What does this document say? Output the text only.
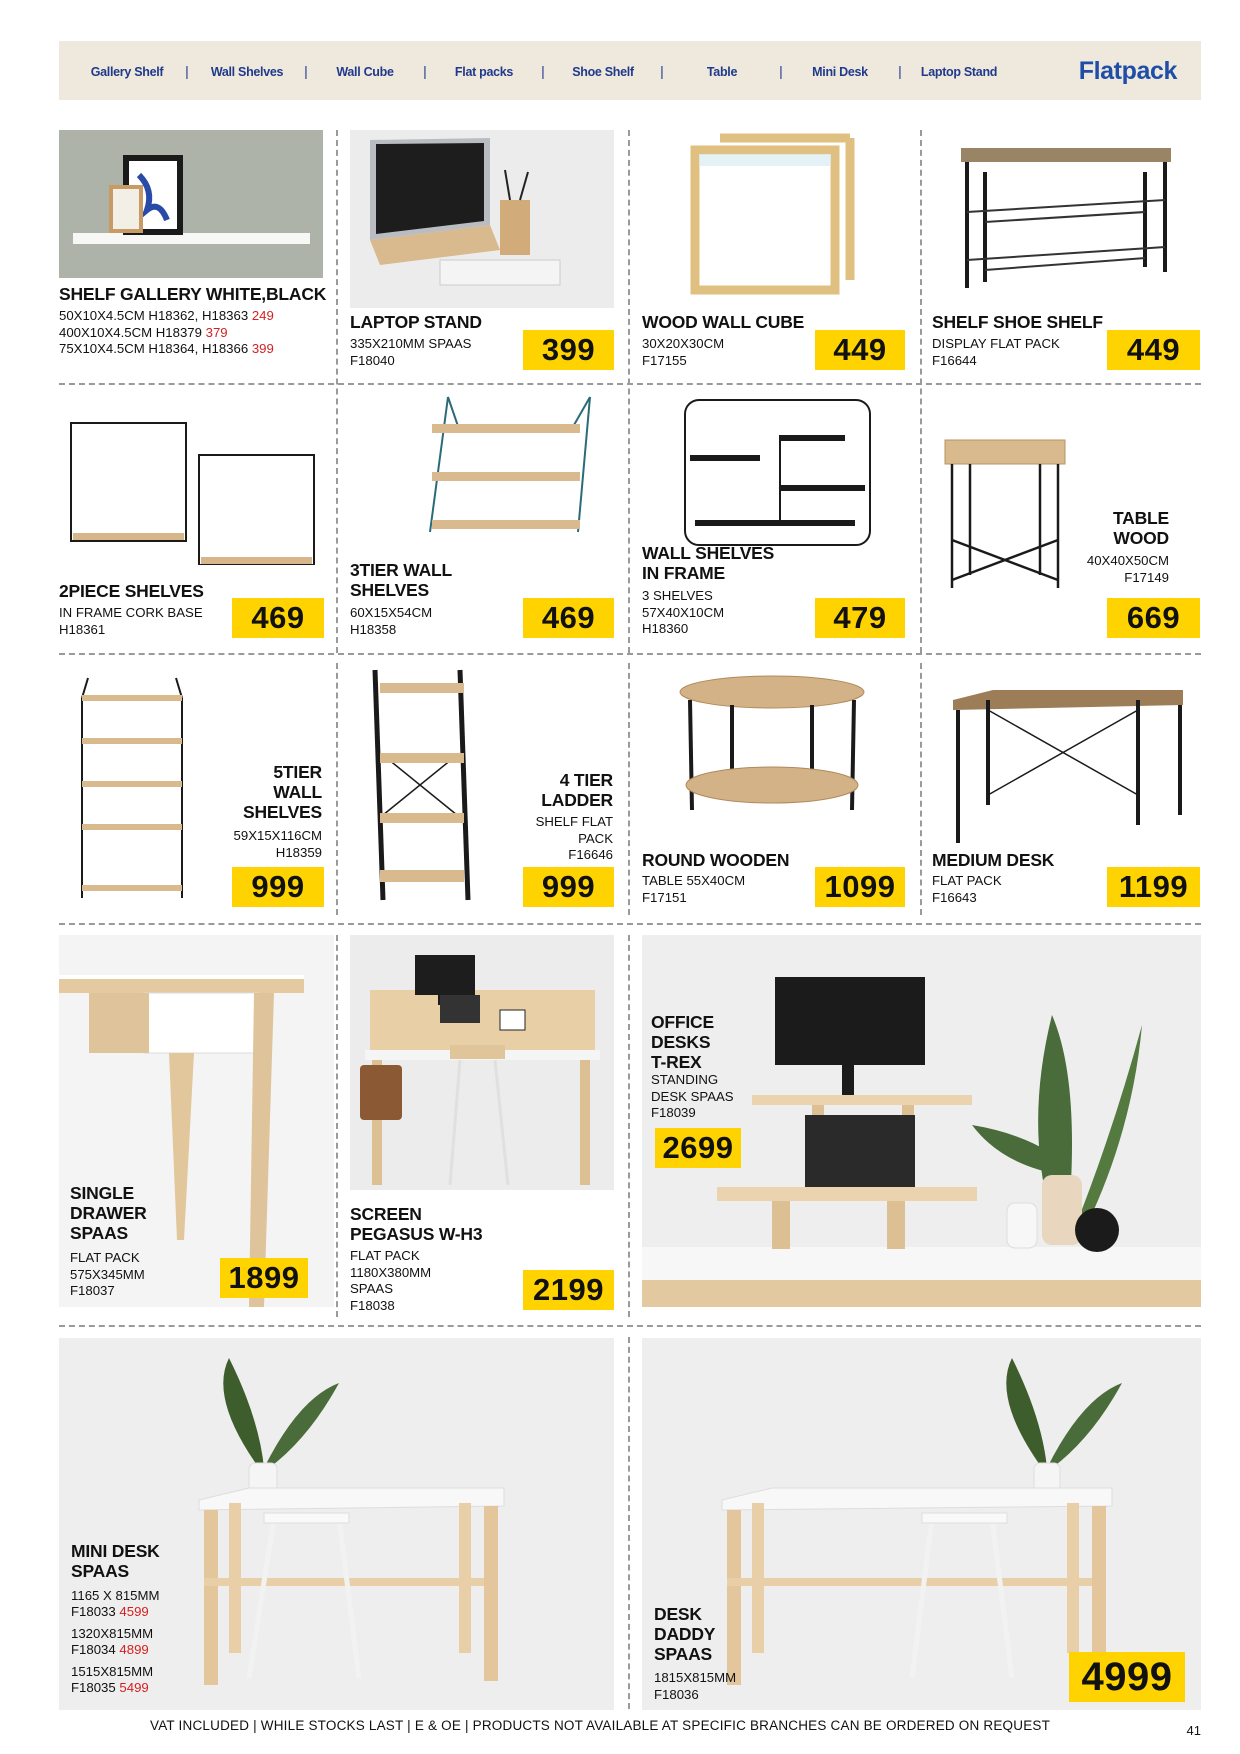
Gallery Shelf | Wall Shelves | Wall Cube | Flat packs | Shoe Shelf |	Table	| Mini Desk | Laptop Stand	Flatpack
SHELF GALLERY WHITE,BLACK
50X10X4.5CM H18362, H18363 249
400X10X4.5CM H18379 379
75X10X4.5CM H18364, H18366 399
LAPTOP STAND
335X210MM SPAAS
F18040	399
WOOD WALL CUBE
30X20X30CM
F17155	449
SHELF SHOE SHELF
DISPLAY FLAT PACK
F16644	449
2PIECE SHELVES
IN FRAME CORK BASE
H18361	469
3TIER WALL
SHELVES
60X15X54CM
H18358	469
WALL SHELVES
IN FRAME
3 SHELVES
57X40X10CM
H18360	479
TABLE
WOOD
40X40X50CM
F17149
669
5TIER
WALL
SHELVES
59X15X116CM
H18359
999
4 TIER
LADDER
SHELF FLAT
PACK
F16646
999
ROUND WOODEN
TABLE 55X40CM
F17151	1099
MEDIUM DESK
FLAT PACK
F16643	1199
SINGLE
DRAWER
SPAAS
FLAT PACK
575X345MM
F18037	1899
SCREEN
PEGASUS W-H3
FLAT PACK
1180X380MM
SPAAS
F18038	2199
OFFICE
DESKS
T-REX
STANDING
DESK SPAAS
F18039
2699
MINI DESK
SPAAS
1165 X 815MM
F18033 4599
1320X815MM
F18034 4899
1515X815MM
F18035 5499
DESK
DADDY
SPAAS
1815X815MM
F18036	4999
VAT INCLUDED | WHILE STOCKS LAST | E & OE | PRODUCTS NOT AVAILABLE AT SPECIFIC BRANCHES CAN BE ORDERED ON REQUEST	41
